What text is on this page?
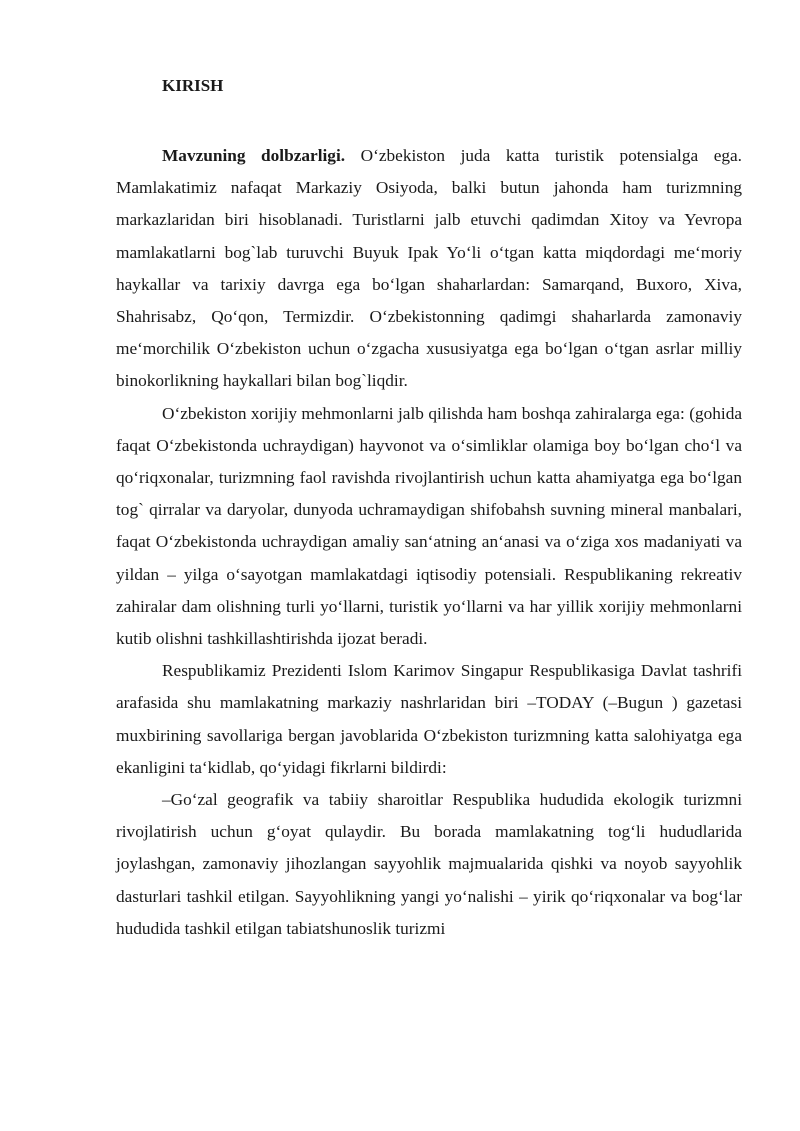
KIRISH

Mavzuning dolbzarligi. O‘zbekiston juda katta turistik potensialga ega. Mamlakatimiz nafaqat Markaziy Osiyoda, balki butun jahonda ham turizmning markazlaridan biri hisoblanadi. Turistlarni jalb etuvchi qadimdan Xitoy va Yevropa mamlakatlarni bog`lab turuvchi Buyuk Ipak Yo‘li o‘tgan katta miqdordagi me‘moriy haykallar va tarixiy davrga ega bo‘lgan shaharlardan: Samarqand, Buxoro, Xiva, Shahrisabz, Qo‘qon, Termizdir. O‘zbekistonning qadimgi shaharlarda zamonaviy me‘morchilik O‘zbekiston uchun o‘zgacha xususiyatga ega bo‘lgan o‘tgan asrlar milliy binokorlikning haykallari bilan bog`liqdir.

O‘zbekiston xorijiy mehmonlarni jalb qilishda ham boshqa zahiralarga ega: (gohida faqat O‘zbekistonda uchraydigan) hayvonot va o‘simliklar olamiga boy bo‘lgan cho‘l va qo‘riqxonalar, turizmning faol ravishda rivojlantirish uchun katta ahamiyatga ega bo‘lgan tog` qirralar va daryolar, dunyoda uchramaydigan shifobahsh suvning mineral manbalari, faqat O‘zbekistonda uchraydigan amaliy san‘atning an‘anasi va o‘ziga xos madaniyati va yildan – yilga o‘sayotgan mamlakatdagi iqtisodiy potensiali. Respublikaning rekreativ zahiralar dam olishning turli yo‘llarni, turistik yo‘llarni va har yillik xorijiy mehmonlarni kutib olishni tashkillashtirishda ijozat beradi.

Respublikamiz Prezidenti Islom Karimov Singapur Respublikasiga Davlat tashrifi arafasida shu mamlakatning markaziy nashrlaridan biri –TODAY (–Bugun ) gazetasi muxbirining savollariga bergan javoblarida O‘zbekiston turizmning katta salohiyatga ega ekanligini ta‘kidlab, qo‘yidagi fikrlarni bildirdi:

–Go‘zal geografik va tabiiy sharoitlar Respublika hududida ekologik turizmni rivojlatirish uchun g‘oyat qulaydir. Bu borada mamlakatning tog‘li hududlarida joylashgan, zamonaviy jihozlangan sayyohlik majmualarida qishki va noyob sayyohlik dasturlari tashkil etilgan. Sayyohlikning yangi yo‘nalishi – yirik qo‘riqxonalar va bog‘lar hududida tashkil etilgan tabiatshunoslik turizmi
